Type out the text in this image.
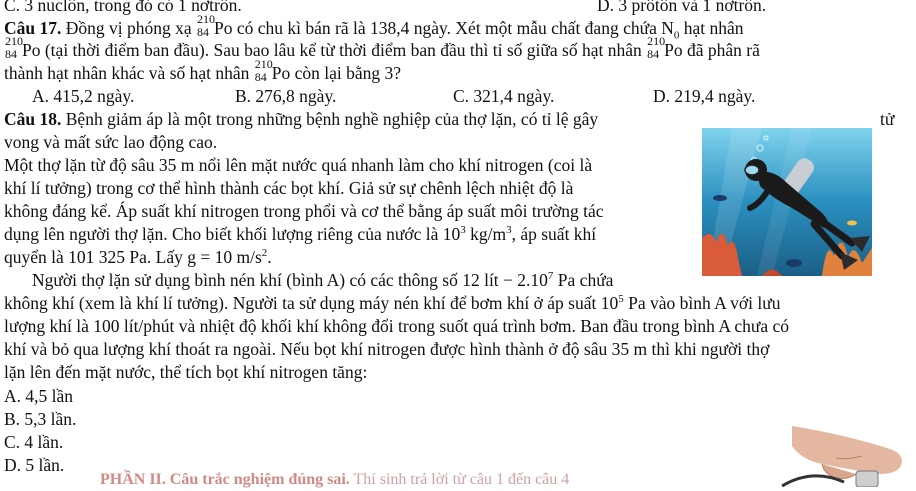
C. 3 nuclôn, trong đó có 1 nơtrôn.	D. 3 prôtôn và 1 nơtrôn.
Câu 17. Đồng vị phóng xạ 210
84 Po có chu kì bán rã là 138,4 ngày. Xét một mẫu chất đang chứa $N_0$ hạt nhân
210
84 Po (tại thời điểm ban đầu). Sau bao lâu kể từ thời điểm ban đầu thì tỉ số giữa số hạt nhân 210
84 Po đã phân rã
thành hạt nhân khác và số hạt nhân 210
84 Po còn lại bằng 3?
A. 415,2 ngày.	B. 276,8 ngày.	C. 321,4 ngày.	D. 219,4 ngày.
Câu 18. Bệnh giảm áp là một trong những bệnh nghề nghiệp của thợ lặn, có tỉ lệ gây	tử
vong và mất sức lao động cao.
Một thợ lặn từ độ sâu 35 m nổi lên mặt nước quá nhanh làm cho khí nitrogen (coi là
khí lí tưởng) trong cơ thể hình thành các bọt khí. Giả sử sự chênh lệch nhiệt độ là
không đáng kể. Áp suất khí nitrogen trong phổi và cơ thể bằng áp suất môi trường tác
dụng lên người thợ lặn. Cho biết khối lượng riêng của nước là $10^3$ $kg/m^3$, áp suất khí
quyển là 101 325 Pa. Lấy g = 10 $m/s^2$.
Người thợ lặn sử dụng bình nén khí (bình A) có các thông số 12 lít − $2.10^7$ Pa chứa
không khí (xem là khí lí tưởng). Người ta sử dụng máy nén khí để bơm khí ở áp suất $10^5$ Pa vào bình A với lưu
lượng khí là 100 lít/phút và nhiệt độ khối khí không đổi trong suốt quá trình bơm. Ban đầu trong bình A chưa có
khí và bỏ qua lượng khí thoát ra ngoài. Nếu bọt khí nitrogen được hình thành ở độ sâu 35 m thì khi người thợ
lặn lên đến mặt nước, thể tích bọt khí nitrogen tăng:
A. 4,5 lần
B. 5,3 lần.
C. 4 lần.
D. 5 lần.
PHẦN II. Câu trắc nghiệm đúng sai. Thí sinh trả lời từ câu 1 đến câu 4
